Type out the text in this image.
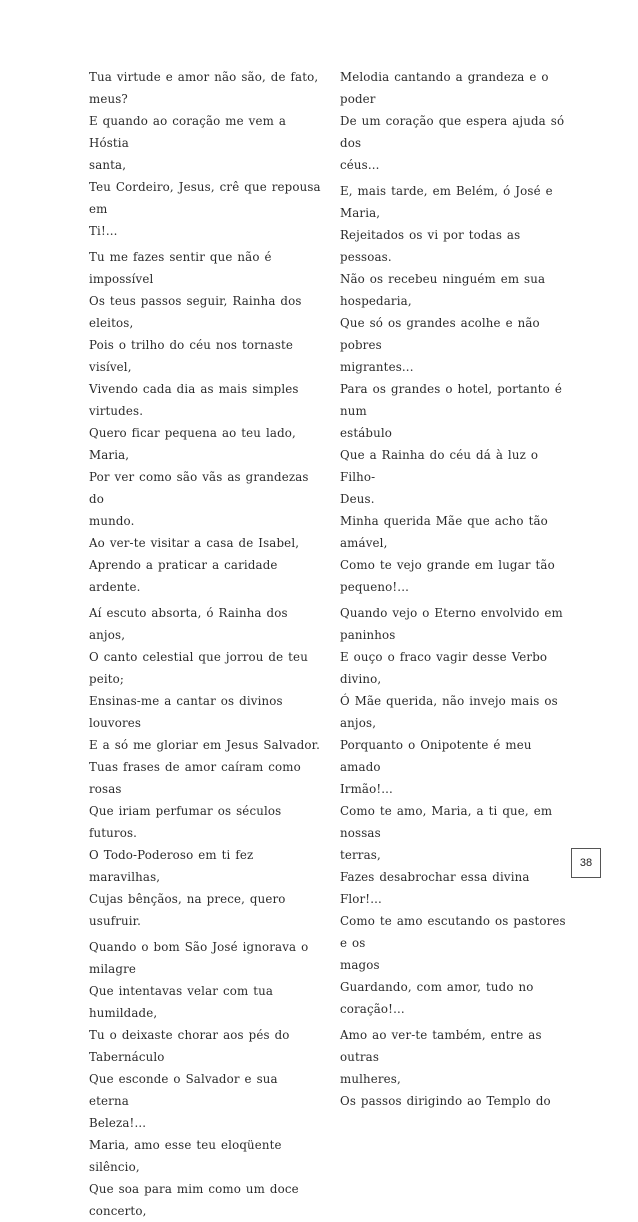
Tua virtude e amor não são, de fato,
meus?
E quando ao coração me vem a Hóstia
santa,
Teu Cordeiro, Jesus, crê que repousa em
Ti!...
Tu me fazes sentir que não é impossível
Os teus passos seguir, Rainha dos eleitos,
Pois o trilho do céu nos tornaste visível,
Vivendo cada dia as mais simples
virtudes.
Quero ficar pequena ao teu lado, Maria,
Por ver como são vãs as grandezas do
mundo.
Ao ver-te visitar a casa de Isabel,
Aprendo a praticar a caridade ardente.
Aí escuto absorta, ó Rainha dos anjos,
O canto celestial que jorrou de teu peito;
Ensinas-me a cantar os divinos louvores
E a só me gloriar em Jesus Salvador.
Tuas frases de amor caíram como rosas
Que iriam perfumar os séculos futuros.
O Todo-Poderoso em ti fez maravilhas,
Cujas bênçãos, na prece, quero usufruir.
Quando o bom São José ignorava o
milagre
Que intentavas velar com tua
humildade,
Tu o deixaste chorar aos pés do
Tabernáculo
Que esconde o Salvador e sua eterna
Beleza!...
Maria, amo esse teu eloqüente silêncio,
Que soa para mim como um doce
concerto,
Melodia cantando a grandeza e o poder
De um coração que espera ajuda só dos
céus...
E, mais tarde, em Belém, ó José e
Maria,
Rejeitados os vi por todas as pessoas.
Não os recebeu ninguém em sua
hospedaria,
Que só os grandes acolhe e não pobres
migrantes...
Para os grandes o hotel, portanto é num
estábulo
Que a Rainha do céu dá à luz o Filho-
Deus.
Minha querida Mãe que acho tão
amável,
Como te vejo grande em lugar tão
pequeno!...
Quando vejo o Eterno envolvido em
paninhos
E ouço o fraco vagir desse Verbo divino,
Ó Mãe querida, não invejo mais os
anjos,
Porquanto o Onipotente é meu amado
Irmão!...
Como te amo, Maria, a ti que, em nossas
terras,
Fazes desabrochar essa divina Flor!...
Como te amo escutando os pastores e os
magos
Guardando, com amor, tudo no
coração!...
Amo ao ver-te também, entre as outras
mulheres,
Os passos dirigindo ao Templo do
38
